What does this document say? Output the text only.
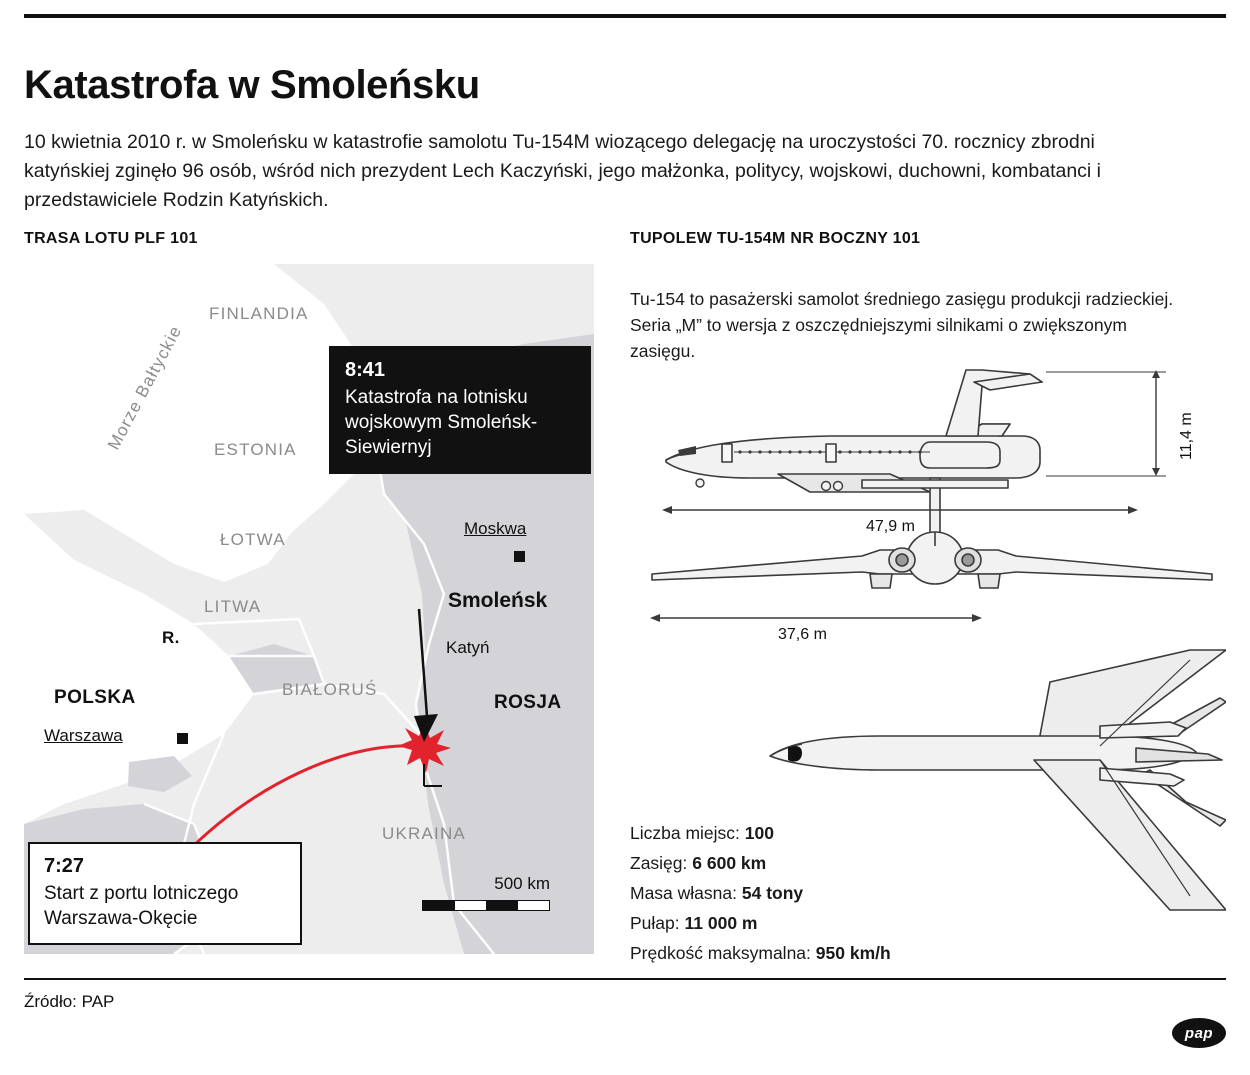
Katastrofa w Smoleńsku

10 kwietnia 2010 r. w Smoleńsku w katastrofie samolotu Tu-154M wiozącego delegację na uroczystości 70. rocznicy zbrodni katyńskiej zginęło 96 osób, wśród nich prezydent Lech Kaczyński, jego małżonka, politycy, wojskowi, duchowni, kombatanci i przedstawiciele Rodzin Katyńskich.

TRASA LOTU PLF 101	TUPOLEW TU-154M NR BOCZNY 101
FINLANDIA
ESTONIA
ŁOTWA
LITWA
R.
POLSKA	BIAŁORUŚ
ROSJA
UKRAINA
Morze Bałtyckie
Moskwa
Smoleńsk
Katyń
Warszawa
8:41
Katastrofa na lotnisku wojskowym Smoleńsk-Siewiernyj
7:27
Start z portu lotniczego Warszawa-Okęcie
500 km

Tu-154 to pasażerski samolot średniego zasięgu produkcji radzieckiej. Seria „M” to wersja z oszczędniejszymi silnikami o zwiększonym zasięgu.

11,4 m
47,9 m
37,6 m
Liczba miejsc: 100
Zasięg: 6 600 km
Masa własna: 54 tony
Pułap: 11 000 m
Prędkość maksymalna: 950 km/h
Źródło: PAP
pap
